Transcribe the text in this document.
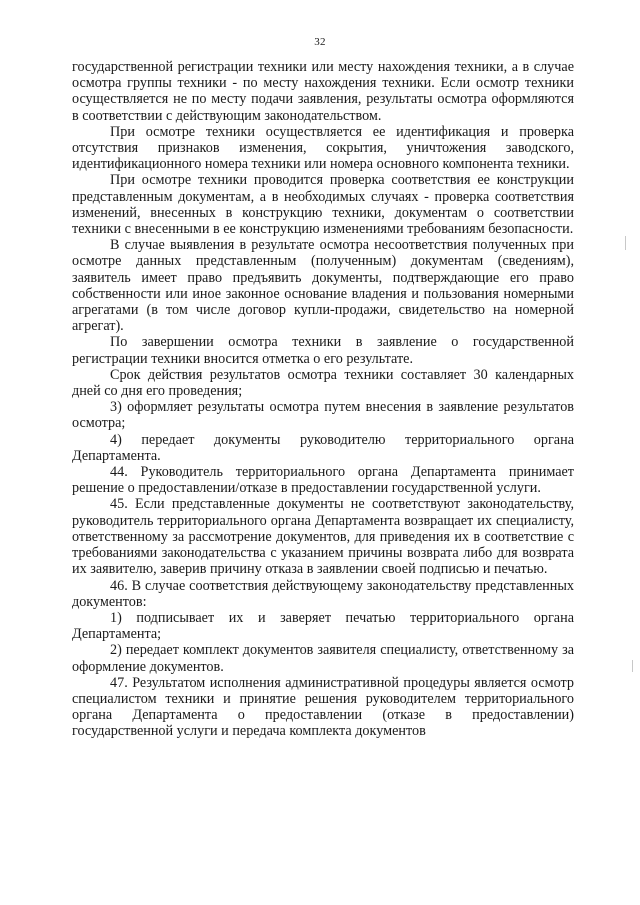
32

государственной регистрации техники или месту нахождения техники, а в случае осмотра группы техники - по месту нахождения техники. Если осмотр техники осуществляется не по месту подачи заявления, результаты осмотра оформляются в соответствии с действующим законодательством.

При осмотре техники осуществляется ее идентификация и проверка отсутствия признаков изменения, сокрытия, уничтожения заводского, идентификационного номера техники или номера основного компонента техники.

При осмотре техники проводится проверка соответствия ее конструкции представленным документам, а в необходимых случаях - проверка соответствия изменений, внесенных в конструкцию техники, документам о соответствии техники с внесенными в ее конструкцию изменениями требованиям безопасности.

В случае выявления в результате осмотра несоответствия полученных при осмотре данных представленным (полученным) документам (сведениям), заявитель имеет право предъявить документы, подтверждающие его право собственности или иное законное основание владения и пользования номерными агрегатами (в том числе договор купли-продажи, свидетельство на номерной агрегат).

По завершении осмотра техники в заявление о государственной регистрации техники вносится отметка о его результате.

Срок действия результатов осмотра техники составляет 30 календарных дней со дня его проведения;

3) оформляет результаты осмотра путем внесения в заявление результатов осмотра;

4) передает документы руководителю территориального органа Департамента.

44. Руководитель территориального органа Департамента принимает решение о предоставлении/отказе в предоставлении государственной услуги.

45. Если представленные документы не соответствуют законодательству, руководитель территориального органа Департамента возвращает их специалисту, ответственному за рассмотрение документов, для приведения их в соответствие с требованиями законодательства с указанием причины возврата либо для возврата их заявителю, заверив причину отказа в заявлении своей подписью и печатью.

46. В случае соответствия действующему законодательству представленных документов:

1) подписывает их и заверяет печатью территориального органа Департамента;

2) передает комплект документов заявителя специалисту, ответственному за оформление документов.

47. Результатом исполнения административной процедуры является осмотр специалистом техники и принятие решения руководителем территориального органа Департамента о предоставлении (отказе в предоставлении) государственной услуги и передача комплекта документов
